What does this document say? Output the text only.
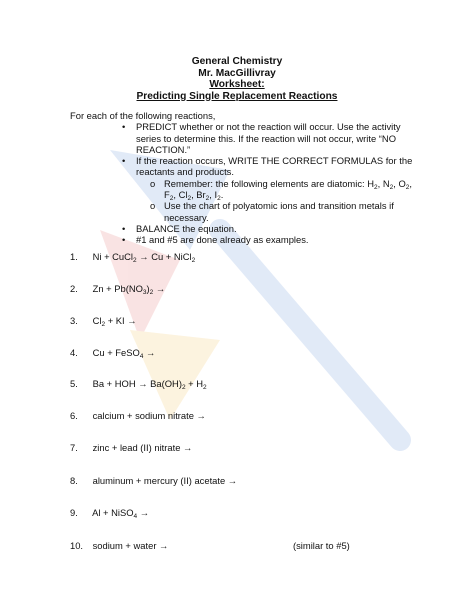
General Chemistry
Mr. MacGillivray
Worksheet:
Predicting Single Replacement Reactions
For each of the following reactions,
• PREDICT whether or not the reaction will occur. Use the activity series to determine this. If the reaction will not occur, write “NO REACTION.”
• If the reaction occurs, WRITE THE CORRECT FORMULAS for the reactants and products.
o Remember: the following elements are diatomic: $H_2$, $N_2$, $O_2$, $F_2$, $Cl_2$, $Br_2$, $I_2$.
o Use the chart of polyatomic ions and transition metals if necessary.
• BALANCE the equation.
• #1 and #5 are done already as examples.
1. Ni + CuCl$_2$ → Cu + NiCl$_2$
2. $Zn + Pb(NO_3)_2$ →
3. $Cl_2$ + KI →
4. Cu + FeSO$_4$ →
5. Ba + HOH → $Ba(OH)_2 + H_2$
6. calcium + sodium nitrate →
7. zinc + lead (II) nitrate →
8. aluminum + mercury (II) acetate →
9. Al + NiSO$_4$ →
10. sodium + water →	(similar to #5)
